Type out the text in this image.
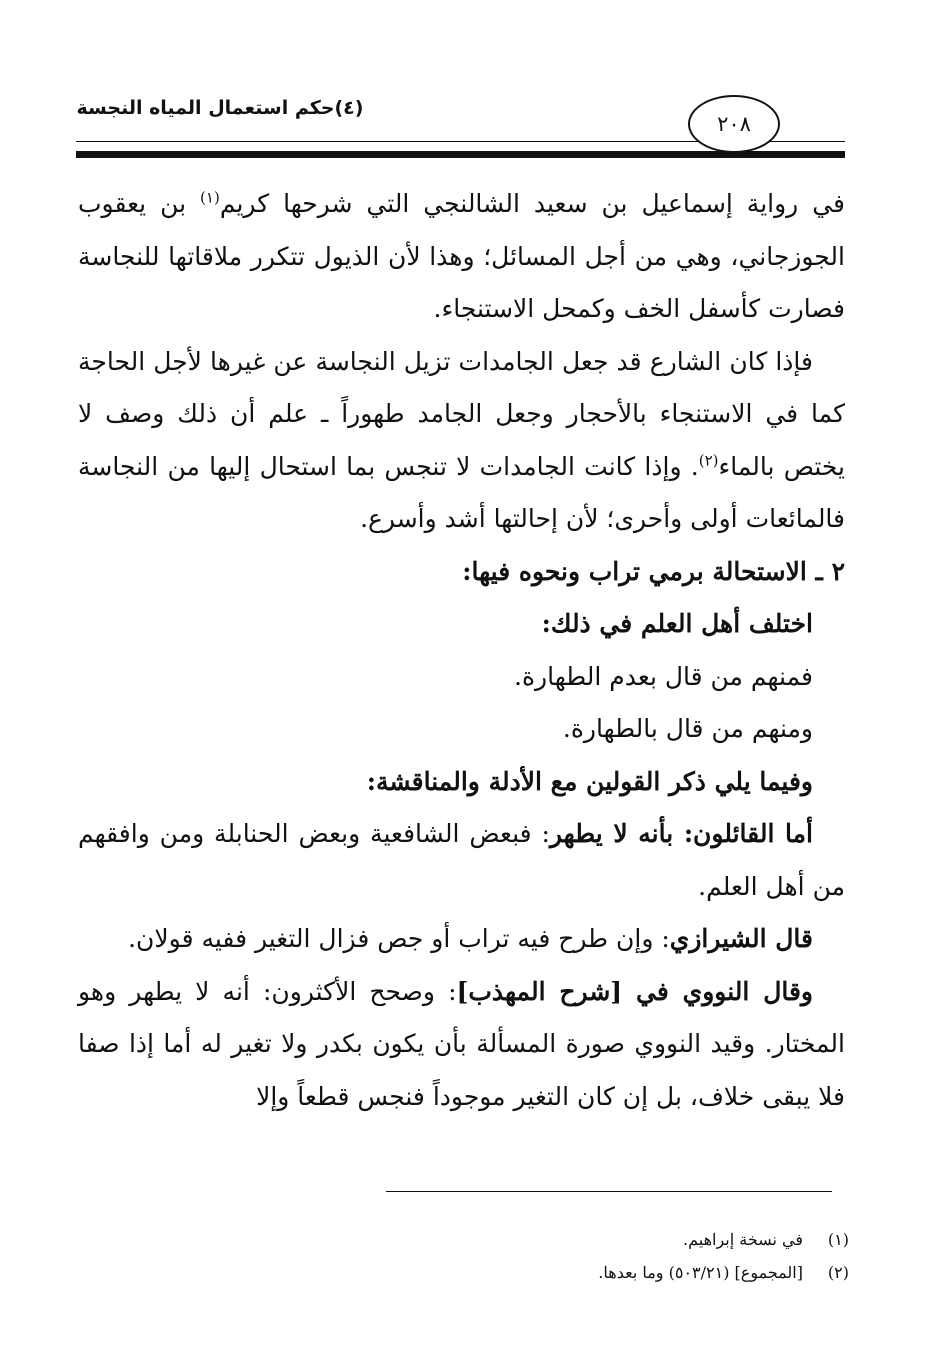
(٤)حكم استعمال المياه النجسة
٢٠٨

في رواية إسماعيل بن سعيد الشالنجي التي شرحها كريم$^{(١)}$ بن يعقوب الجوزجاني، وهي من أجل المسائل؛ وهذا لأن الذيول تتكرر ملاقاتها للنجاسة فصارت كأسفل الخف وكمحل الاستنجاء.

فإذا كان الشارع قد جعل الجامدات تزيل النجاسة عن غيرها لأجل الحاجة كما في الاستنجاء بالأحجار وجعل الجامد طهوراً ـ علم أن ذلك وصف لا يختص بالماء$^{(٢)}$. وإذا كانت الجامدات لا تنجس بما استحال إليها من النجاسة فالمائعات أولى وأحرى؛ لأن إحالتها أشد وأسرع.

٢ ـ الاستحالة برمي تراب ونحوه فيها:

اختلف أهل العلم في ذلك:

فمنهم من قال بعدم الطهارة.

ومنهم من قال بالطهارة.

وفيما يلي ذكر القولين مع الأدلة والمناقشة:

أما القائلون: بأنه لا يطهر: فبعض الشافعية وبعض الحنابلة ومن وافقهم من أهل العلم.

قال الشيرازي: وإن طرح فيه تراب أو جص فزال التغير ففيه قولان.

وقال النووي في [شرح المهذب]: وصحح الأكثرون: أنه لا يطهر وهو المختار. وقيد النووي صورة المسألة بأن يكون بكدر ولا تغير له أما إذا صفا فلا يبقى خلاف، بل إن كان التغير موجوداً فنجس قطعاً وإلا

(١)في نسخة إبراهيم.

(٢)[المجموع] (٥٠٣/٢١) وما بعدها.
